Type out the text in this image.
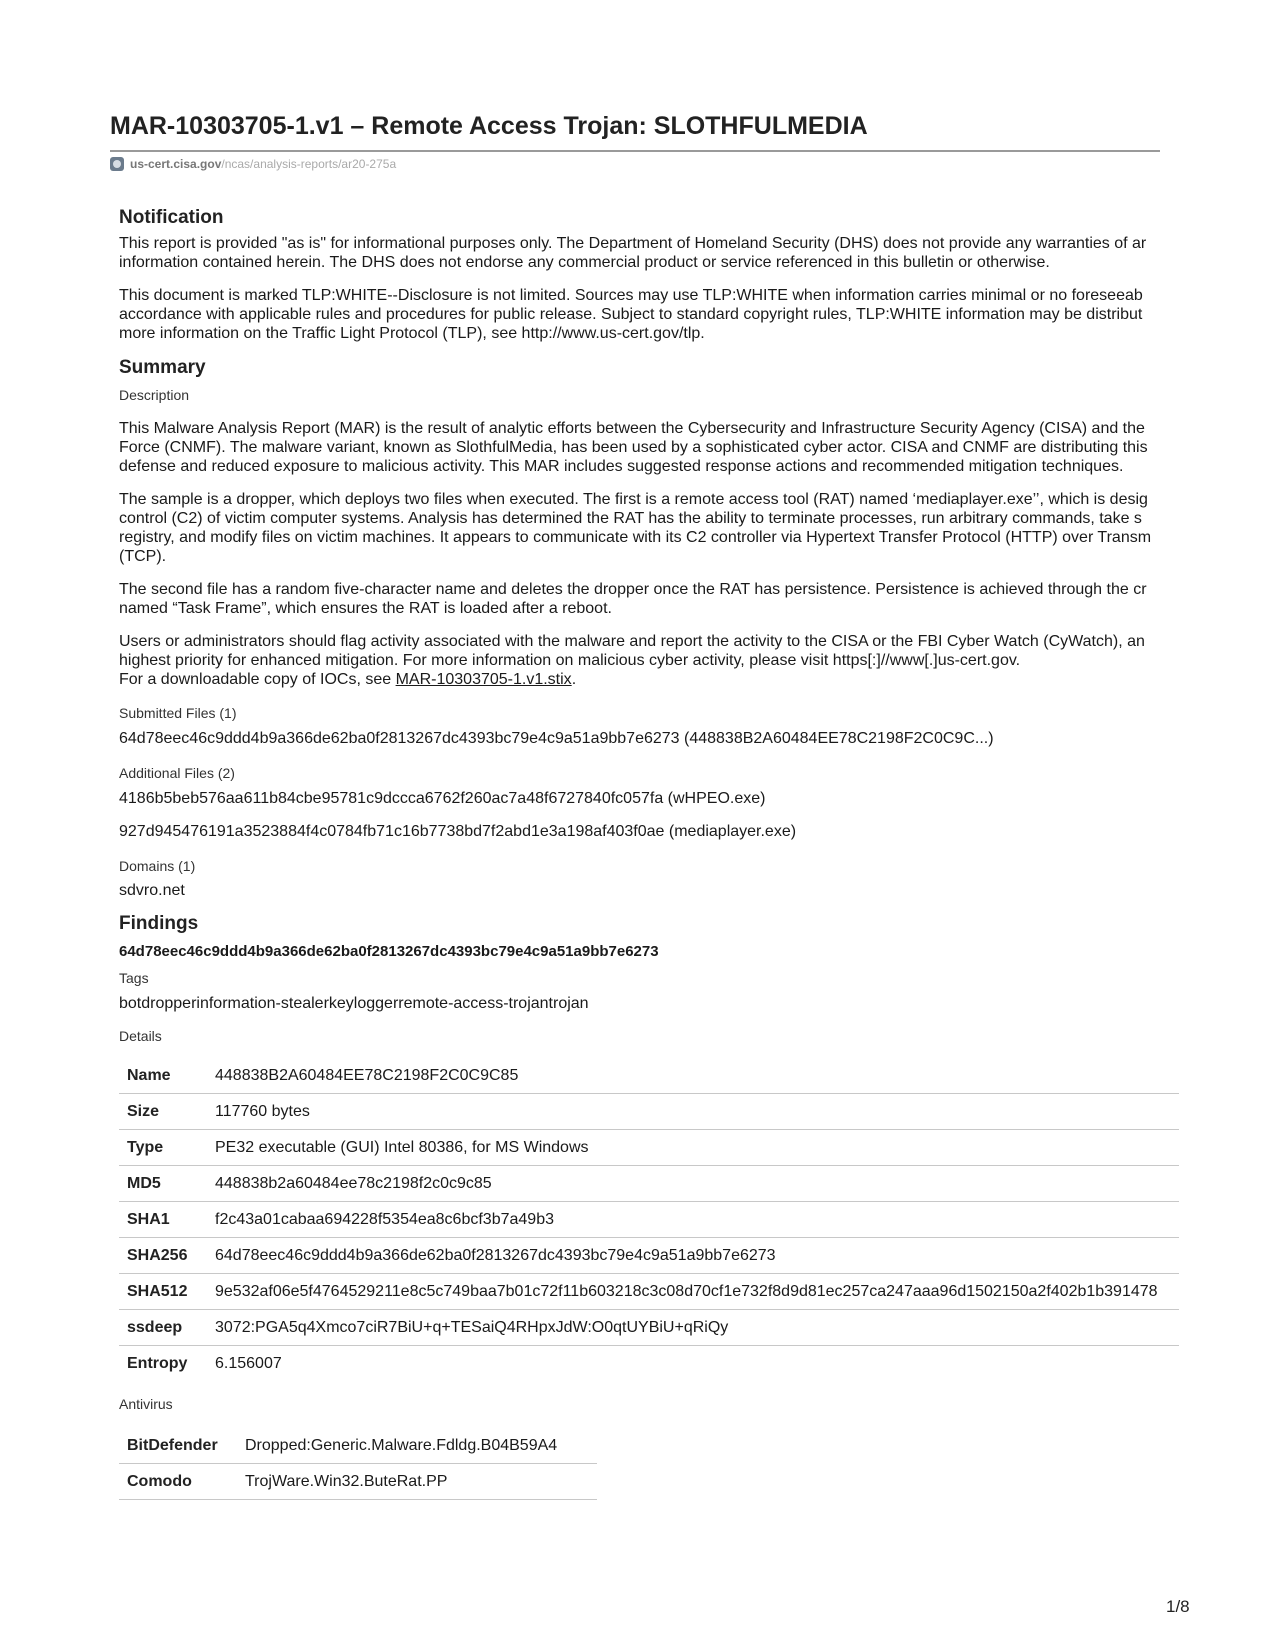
MAR-10303705-1.v1 – Remote Access Trojan: SLOTHFULMEDIA
us-cert.cisa.gov /ncas/analysis-reports/ar20-275a
Notification

This report is provided "as is" for informational purposes only. The Department of Homeland Security (DHS) does not provide any warranties of ar
information contained herein. The DHS does not endorse any commercial product or service referenced in this bulletin or otherwise.

This document is marked TLP:WHITE--Disclosure is not limited. Sources may use TLP:WHITE when information carries minimal or no foreseeab
accordance with applicable rules and procedures for public release. Subject to standard copyright rules, TLP:WHITE information may be distribut
more information on the Traffic Light Protocol (TLP), see http://www.us-cert.gov/tlp.

Summary
Description

This Malware Analysis Report (MAR) is the result of analytic efforts between the Cybersecurity and Infrastructure Security Agency (CISA) and the
Force (CNMF). The malware variant, known as SlothfulMedia, has been used by a sophisticated cyber actor. CISA and CNMF are distributing this
defense and reduced exposure to malicious activity. This MAR includes suggested response actions and recommended mitigation techniques.

The sample is a dropper, which deploys two files when executed. The first is a remote access tool (RAT) named ‘mediaplayer.exe’’, which is desig
control (C2) of victim computer systems. Analysis has determined the RAT has the ability to terminate processes, run arbitrary commands, take s
registry, and modify files on victim machines. It appears to communicate with its C2 controller via Hypertext Transfer Protocol (HTTP) over Transm
(TCP).

The second file has a random five-character name and deletes the dropper once the RAT has persistence. Persistence is achieved through the cr
named “Task Frame”, which ensures the RAT is loaded after a reboot.

Users or administrators should flag activity associated with the malware and report the activity to the CISA or the FBI Cyber Watch (CyWatch), an
highest priority for enhanced mitigation. For more information on malicious cyber activity, please visit https[:]//www[.]us-cert.gov.
For a downloadable copy of IOCs, see MAR-10303705-1.v1.stix.

Submitted Files (1)
64d78eec46c9ddd4b9a366de62ba0f2813267dc4393bc79e4c9a51a9bb7e6273 (448838B2A60484EE78C2198F2C0C9C...)
Additional Files (2)
4186b5beb576aa611b84cbe95781c9dccca6762f260ac7a48f6727840fc057fa (wHPEO.exe)
927d945476191a3523884f4c0784fb71c16b7738bd7f2abd1e3a198af403f0ae (mediaplayer.exe)
Domains (1)
sdvro.net
Findings
64d78eec46c9ddd4b9a366de62ba0f2813267dc4393bc79e4c9a51a9bb7e6273
Tags
botdropperinformation-stealerkeyloggerremote-access-trojantrojan
Details
Name	448838B2A60484EE78C2198F2C0C9C85
Size	117760 bytes
Type	PE32 executable (GUI) Intel 80386, for MS Windows
MD5	448838b2a60484ee78c2198f2c0c9c85
SHA1	f2c43a01cabaa694228f5354ea8c6bcf3b7a49b3
SHA256	64d78eec46c9ddd4b9a366de62ba0f2813267dc4393bc79e4c9a51a9bb7e6273
SHA512	9e532af06e5f4764529211e8c5c749baa7b01c72f11b603218c3c08d70cf1e732f8d9d81ec257ca247aaa96d1502150a2f402b1b391478
ssdeep	3072:PGA5q4Xmco7ciR7BiU+q+TESaiQ4RHpxJdW:O0qtUYBiU+qRiQy
Entropy	6.156007
Antivirus
BitDefender	Dropped:Generic.Malware.Fdldg.B04B59A4
Comodo	TrojWare.Win32.ButeRat.PP
1/8
